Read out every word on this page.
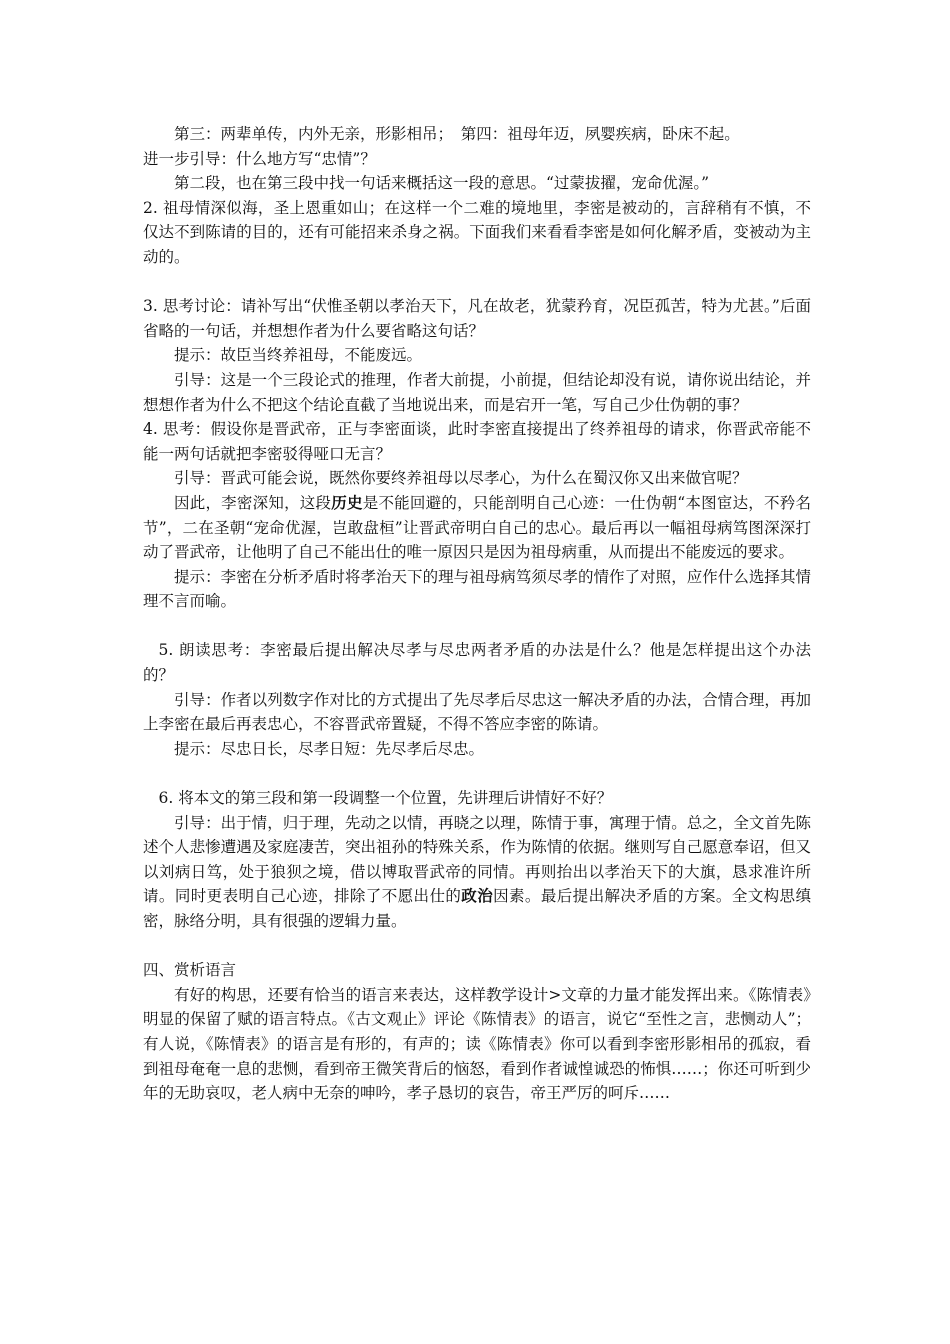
第三：两辈单传，内外无亲，形影相吊；　第四：祖母年迈，夙婴疾病，卧床不起。

进一步引导：什么地方写“忠情”？

第二段，也在第三段中找一句话来概括这一段的意思。“过蒙拔擢，宠命优渥。”

2. 祖母情深似海，圣上恩重如山；在这样一个二难的境地里，李密是被动的，言辞稍有不慎，不仅达不到陈请的目的，还有可能招来杀身之祸。下面我们来看看李密是如何化解矛盾，变被动为主动的。

3. 思考讨论：请补写出“伏惟圣朝以孝治天下，凡在故老，犹蒙矜育，况臣孤苦，特为尤甚。”后面省略的一句话，并想想作者为什么要省略这句话？

提示：故臣当终养祖母，不能废远。

引导：这是一个三段论式的推理，作者大前提，小前提，但结论却没有说，请你说出结论，并想想作者为什么不把这个结论直截了当地说出来，而是宕开一笔，写自己少仕伪朝的事？

4. 思考：假设你是晋武帝，正与李密面谈，此时李密直接提出了终养祖母的请求，你晋武帝能不能一两句话就把李密驳得哑口无言？

引导：晋武可能会说，既然你要终养祖母以尽孝心，为什么在蜀汉你又出来做官呢？

因此，李密深知，这段历史是不能回避的，只能剖明自己心迹：一仕伪朝“本图宦达，不矜名节”，二在圣朝“宠命优渥，岂敢盘桓”让晋武帝明白自己的忠心。最后再以一幅祖母病笃图深深打动了晋武帝，让他明了自己不能出仕的唯一原因只是因为祖母病重，从而提出不能废远的要求。

提示：李密在分析矛盾时将孝治天下的理与祖母病笃须尽孝的情作了对照，应作什么选择其情理不言而喻。

5. 朗读思考：李密最后提出解决尽孝与尽忠两者矛盾的办法是什么？他是怎样提出这个办法的？

引导：作者以列数字作对比的方式提出了先尽孝后尽忠这一解决矛盾的办法，合情合理，再加上李密在最后再表忠心，不容晋武帝置疑，不得不答应李密的陈请。

提示：尽忠日长，尽孝日短：先尽孝后尽忠。

6. 将本文的第三段和第一段调整一个位置，先讲理后讲情好不好？

引导：出于情，归于理，先动之以情，再晓之以理，陈情于事，寓理于情。总之，全文首先陈述个人悲惨遭遇及家庭凄苦，突出祖孙的特殊关系，作为陈情的依据。继则写自己愿意奉诏，但又以刘病日笃，处于狼狈之境，借以博取晋武帝的同情。再则抬出以孝治天下的大旗，恳求准许所请。同时更表明自己心迹，排除了不愿出仕的政治因素。最后提出解决矛盾的方案。全文构思缜密，脉络分明，具有很强的逻辑力量。

四、赏析语言

有好的构思，还要有恰当的语言来表达，这样教学设计>文章的力量才能发挥出来。《陈情表》明显的保留了赋的语言特点。《古文观止》评论《陈情表》的语言，说它“至性之言，悲恻动人”；有人说，《陈情表》的语言是有形的，有声的；读《陈情表》你可以看到李密形影相吊的孤寂，看到祖母奄奄一息的悲恻，看到帝王微笑背后的恼怒，看到作者诚惶诚恐的怖惧……；你还可听到少年的无助哀叹，老人病中无奈的呻吟，孝子恳切的哀告，帝王严厉的呵斥……
